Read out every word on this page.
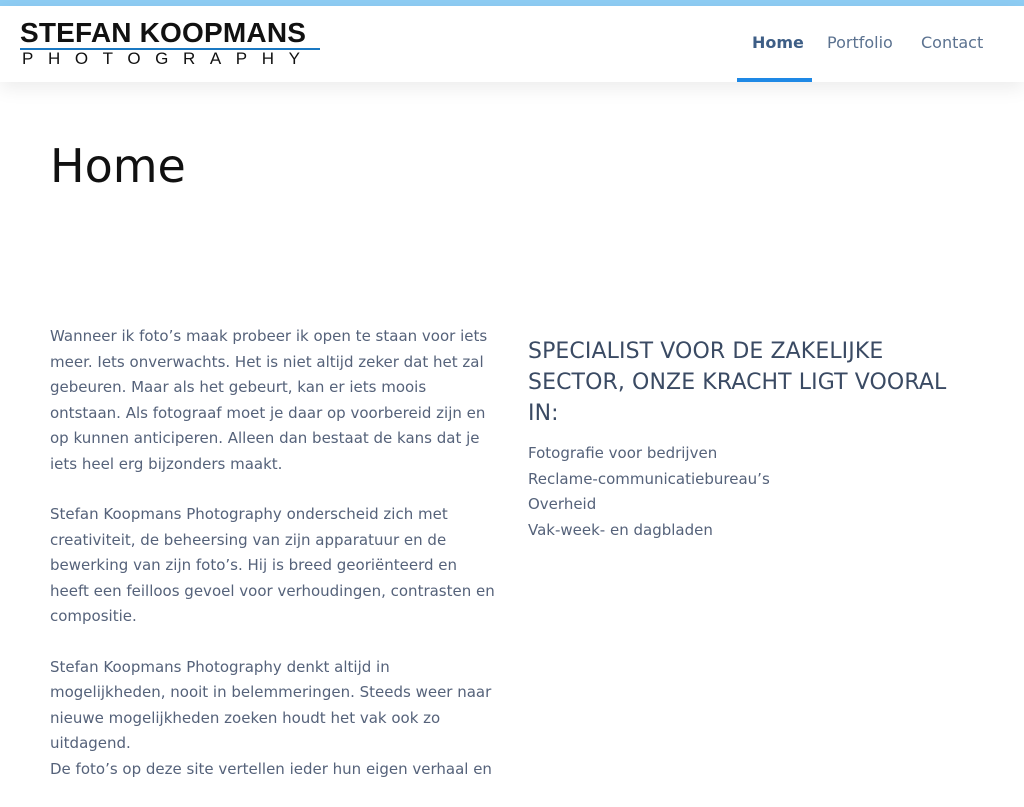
STEFAN KOOPMANS
PHOTOGRAPHY
Home Portfolio Contact
Home

Wanneer ik foto’s maak probeer ik open te staan voor iets meer. Iets onverwachts. Het is niet altijd zeker dat het zal gebeuren. Maar als het gebeurt, kan er iets moois ontstaan. Als fotograaf moet je daar op voorbereid zijn en op kunnen anticiperen. Alleen dan bestaat de kans dat je iets heel erg bijzonders maakt.

Stefan Koopmans Photography onderscheid zich met creativiteit, de beheersing van zijn apparatuur en de bewerking van zijn foto’s. Hij is breed georiënteerd en heeft een feilloos gevoel voor verhoudingen, contrasten en compositie.

Stefan Koopmans Photography denkt altijd in mogelijkheden, nooit in belemmeringen. Steeds weer naar nieuwe mogelijkheden zoeken houdt het vak ook zo uitdagend.

De foto’s op deze site vertellen ieder hun eigen verhaal en

SPECIALIST VOOR DE ZAKELIJKE SECTOR, ONZE KRACHT LIGT VOORAL IN:
Fotografie voor bedrijven
Reclame-communicatiebureau’s
Overheid
Vak-week- en dagbladen
